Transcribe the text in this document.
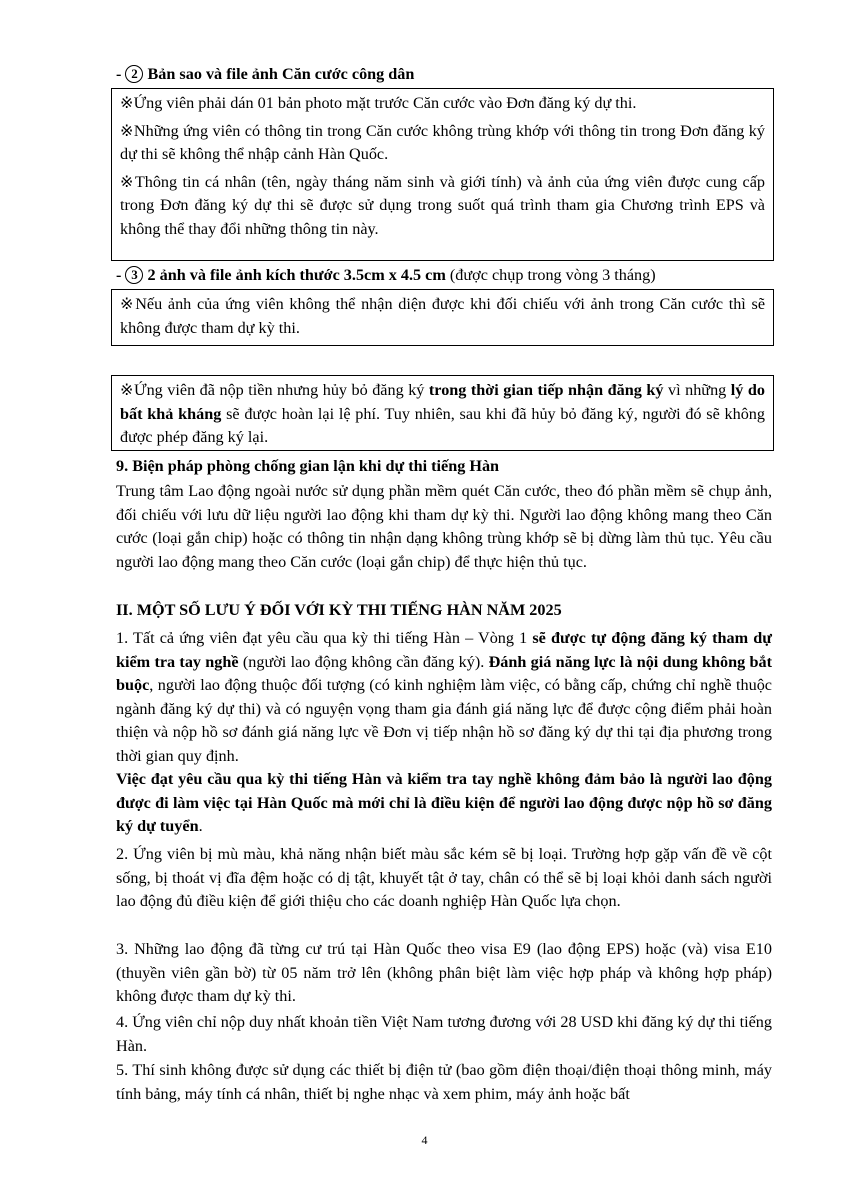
- 2 Bản sao và file ảnh Căn cước công dân

※Ứng viên phải dán 01 bản photo mặt trước Căn cước vào Đơn đăng ký dự thi.

※Những ứng viên có thông tin trong Căn cước không trùng khớp với thông tin trong Đơn đăng ký dự thi sẽ không thể nhập cảnh Hàn Quốc.

※Thông tin cá nhân (tên, ngày tháng năm sinh và giới tính) và ảnh của ứng viên được cung cấp trong Đơn đăng ký dự thi sẽ được sử dụng trong suốt quá trình tham gia Chương trình EPS và không thể thay đổi những thông tin này.

- 3 2 ảnh và file ảnh kích thước 3.5cm x 4.5 cm (được chụp trong vòng 3 tháng)

※Nếu ảnh của ứng viên không thể nhận diện được khi đối chiếu với ảnh trong Căn cước thì sẽ không được tham dự kỳ thi.

※Ứng viên đã nộp tiền nhưng hủy bỏ đăng ký trong thời gian tiếp nhận đăng ký vì những lý do bất khả kháng sẽ được hoàn lại lệ phí. Tuy nhiên, sau khi đã hủy bỏ đăng ký, người đó sẽ không được phép đăng ký lại.

9. Biện pháp phòng chống gian lận khi dự thi tiếng Hàn

Trung tâm Lao động ngoài nước sử dụng phần mềm quét Căn cước, theo đó phần mềm sẽ chụp ảnh, đối chiếu với lưu dữ liệu người lao động khi tham dự kỳ thi. Người lao động không mang theo Căn cước (loại gắn chip) hoặc có thông tin nhận dạng không trùng khớp sẽ bị dừng làm thủ tục. Yêu cầu người lao động mang theo Căn cước (loại gắn chip) để thực hiện thủ tục.

II. MỘT SỐ LƯU Ý ĐỐI VỚI KỲ THI TIẾNG HÀN NĂM 2025

1. Tất cả ứng viên đạt yêu cầu qua kỳ thi tiếng Hàn – Vòng 1 sẽ được tự động đăng ký tham dự kiểm tra tay nghề (người lao động không cần đăng ký). Đánh giá năng lực là nội dung không bắt buộc, người lao động thuộc đối tượng (có kinh nghiệm làm việc, có bằng cấp, chứng chỉ nghề thuộc ngành đăng ký dự thi) và có nguyện vọng tham gia đánh giá năng lực để được cộng điểm phải hoàn thiện và nộp hồ sơ đánh giá năng lực về Đơn vị tiếp nhận hồ sơ đăng ký dự thi tại địa phương trong thời gian quy định.

Việc đạt yêu cầu qua kỳ thi tiếng Hàn và kiểm tra tay nghề không đảm bảo là người lao động được đi làm việc tại Hàn Quốc mà mới chỉ là điều kiện để người lao động được nộp hồ sơ đăng ký dự tuyển.

2. Ứng viên bị mù màu, khả năng nhận biết màu sắc kém sẽ bị loại. Trường hợp gặp vấn đề về cột sống, bị thoát vị đĩa đệm hoặc có dị tật, khuyết tật ở tay, chân có thể sẽ bị loại khỏi danh sách người lao động đủ điều kiện để giới thiệu cho các doanh nghiệp Hàn Quốc lựa chọn.

3. Những lao động đã từng cư trú tại Hàn Quốc theo visa E9 (lao động EPS) hoặc (và) visa E10 (thuyền viên gần bờ) từ 05 năm trở lên (không phân biệt làm việc hợp pháp và không hợp pháp) không được tham dự kỳ thi.

4. Ứng viên chỉ nộp duy nhất khoản tiền Việt Nam tương đương với 28 USD khi đăng ký dự thi tiếng Hàn.

5. Thí sinh không được sử dụng các thiết bị điện tử (bao gồm điện thoại/điện thoại thông minh, máy tính bảng, máy tính cá nhân, thiết bị nghe nhạc và xem phim, máy ảnh hoặc bất

4
